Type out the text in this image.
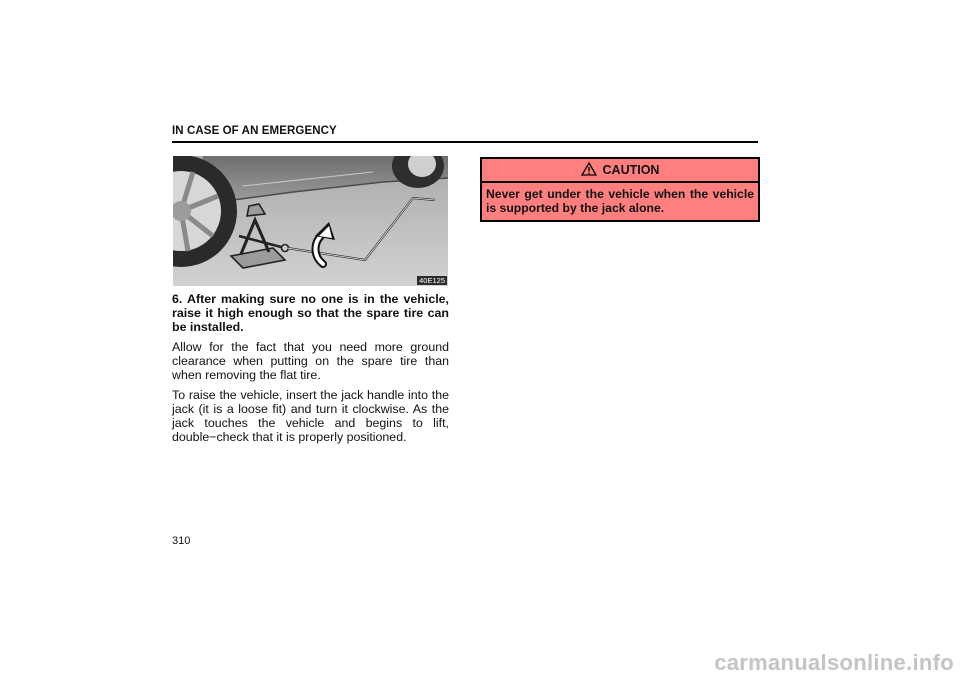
IN CASE OF AN EMERGENCY
40E125

6. After making sure no one is in the vehicle, raise it high enough so that the spare tire can be installed.

Allow for the fact that you need more ground clearance when putting on the spare tire than when removing the flat tire.

To raise the vehicle, insert the jack handle into the jack (it is a loose fit) and turn it clockwise. As the jack touches the vehicle and begins to lift, double−check that it is properly positioned.

310
CAUTION
Never get under the vehicle when the vehicle is supported by the jack alone.
carmanualsonline.info
